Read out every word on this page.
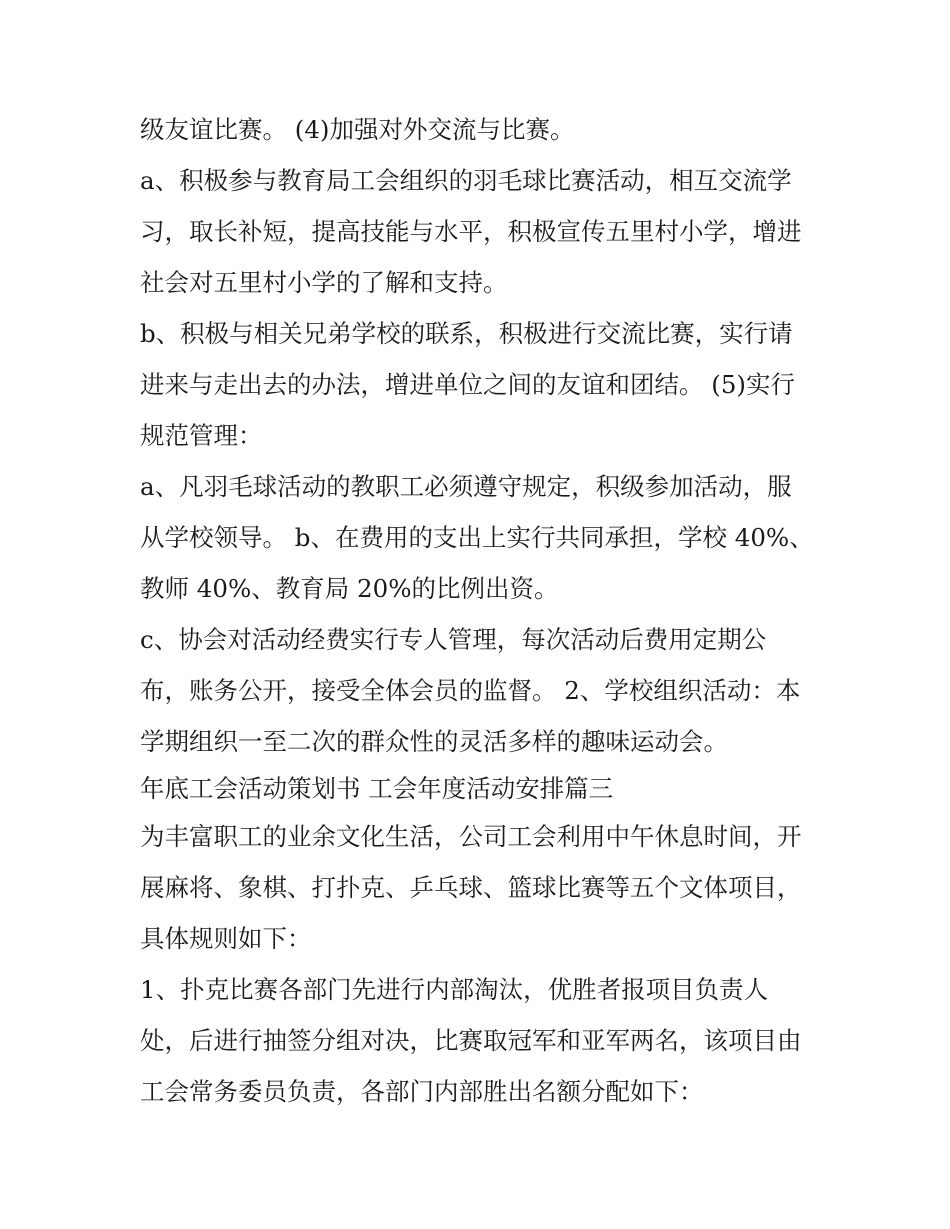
级友谊比赛。 (4)加强对外交流与比赛。
a、积极参与教育局工会组织的羽毛球比赛活动，相互交流学
习，取长补短，提高技能与水平，积极宣传五里村小学，增进
社会对五里村小学的了解和支持。
b、积极与相关兄弟学校的联系，积极进行交流比赛，实行请
进来与走出去的办法，增进单位之间的友谊和团结。 (5)实行
规范管理：
a、凡羽毛球活动的教职工必须遵守规定，积级参加活动，服
从学校领导。 b、在费用的支出上实行共同承担，学校 40%、
教师 40%、教育局 20%的比例出资。
c、协会对活动经费实行专人管理，每次活动后费用定期公
布，账务公开，接受全体会员的监督。 2、学校组织活动：本
学期组织一至二次的群众性的灵活多样的趣味运动会。
年底工会活动策划书 工会年度活动安排篇三
为丰富职工的业余文化生活，公司工会利用中午休息时间，开
展麻将、象棋、打扑克、乒乓球、篮球比赛等五个文体项目，
具体规则如下：
1、扑克比赛各部门先进行内部淘汰，优胜者报项目负责人
处，后进行抽签分组对决，比赛取冠军和亚军两名，该项目由
工会常务委员负责，各部门内部胜出名额分配如下：
